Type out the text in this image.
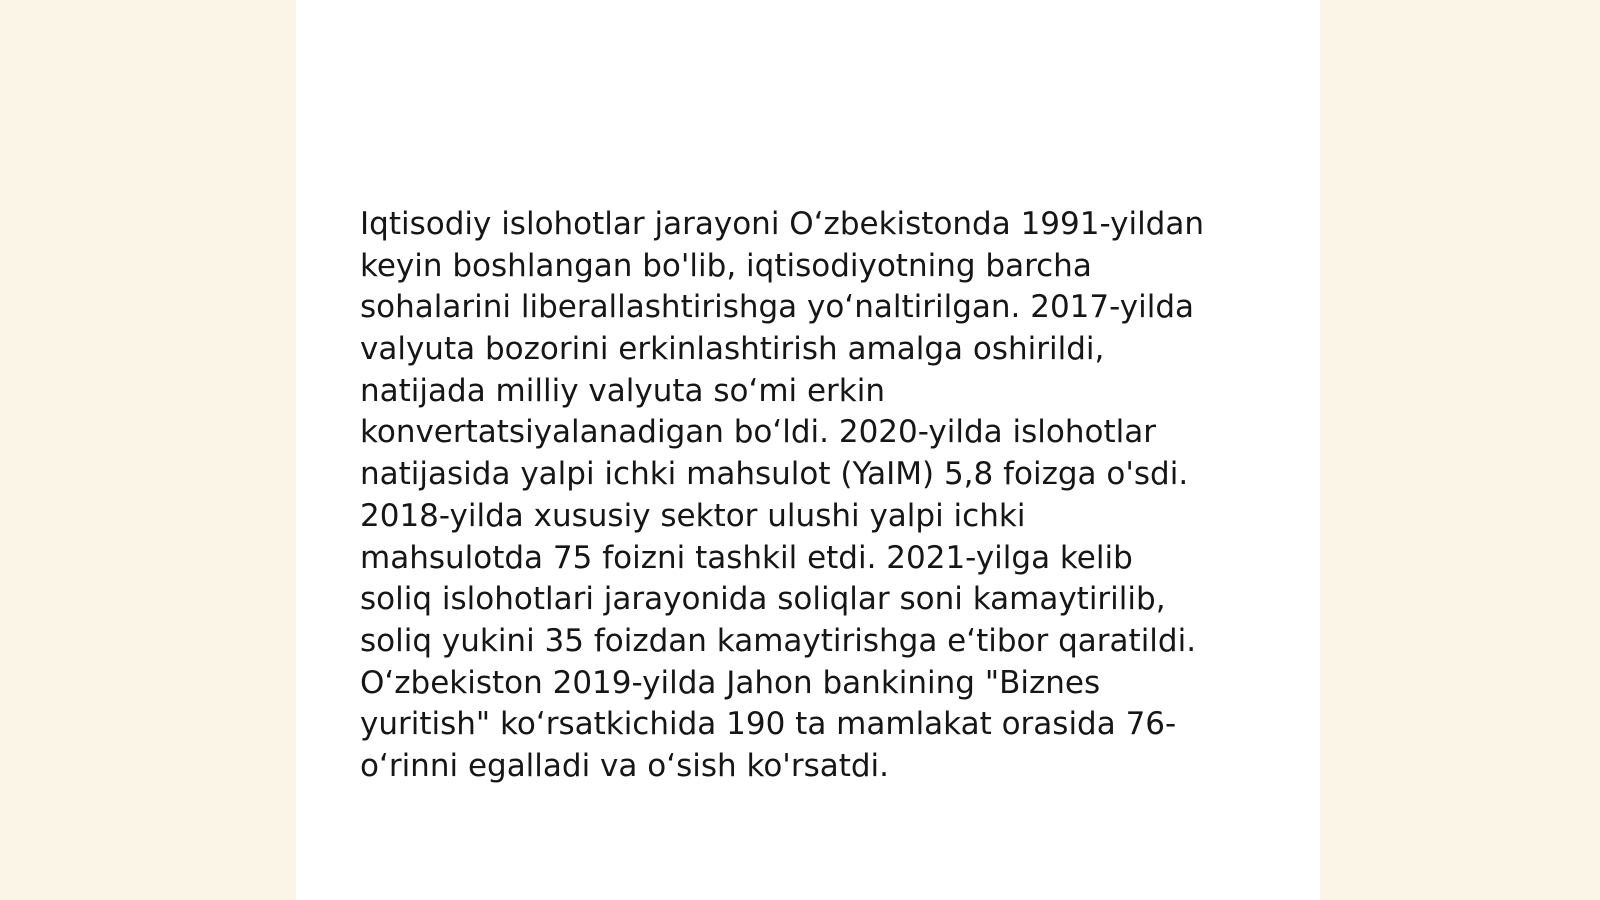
Iqtisodiy islohotlar jarayoni O‘zbekistonda 1991-yildan
keyin boshlangan bo'lib, iqtisodiyotning barcha
sohalarini liberallashtirishga yo‘naltirilgan. 2017-yilda
valyuta bozorini erkinlashtirish amalga oshirildi,
natijada milliy valyuta so‘mi erkin
konvertatsiyalanadigan bo‘ldi. 2020-yilda islohotlar
natijasida yalpi ichki mahsulot (YaIM) 5,8 foizga o'sdi.
2018-yilda xususiy sektor ulushi yalpi ichki
mahsulotda 75 foizni tashkil etdi. 2021-yilga kelib
soliq islohotlari jarayonida soliqlar soni kamaytirilib,
soliq yukini 35 foizdan kamaytirishga e‘tibor qaratildi.
O‘zbekiston 2019-yilda Jahon bankining "Biznes
yuritish" ko‘rsatkichida 190 ta mamlakat orasida 76-
o‘rinni egalladi va o‘sish ko'rsatdi.
